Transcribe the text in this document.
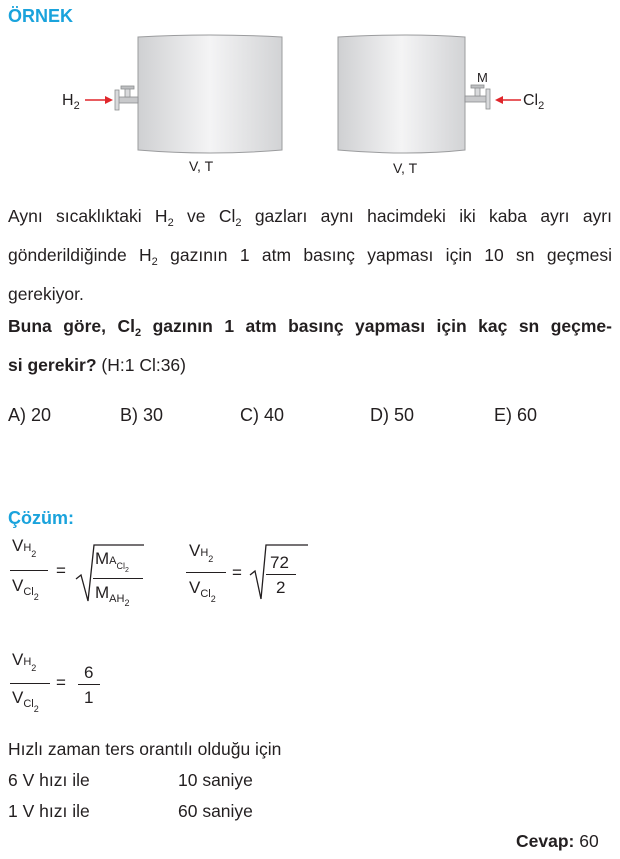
ÖRNEK
$H_2$
V, T
M
$Cl_2$
V, T
Aynı sıcaklıktaki $H_2$ ve $Cl_2$ gazları aynı hacimdeki iki kaba ayrı ayrı
gönderildiğinde $H_2$ gazının 1 atm basınç yapması için 10 sn geçmesi
gerekiyor.
Buna göre, $Cl_2$ gazının 1 atm basınç yapması için kaç sn geçme-
si gerekir? (H:1 Cl:36)
A) 20	B) 30	C) 40	D) 50	E) 60
Çözüm:
$VH_2$
$V_{Cl2}$
=
$MA_{Cl2}$
$M_{AH2}$
$VH_2$
$V_{Cl2}$
=
72
2
$VH_2$
$V_{Cl2}$
=
6
1
Hızlı zaman ters orantılı olduğu için
6 V hızı ile	10 saniye
1 V hızı ile	60 saniye
Cevap: 60
